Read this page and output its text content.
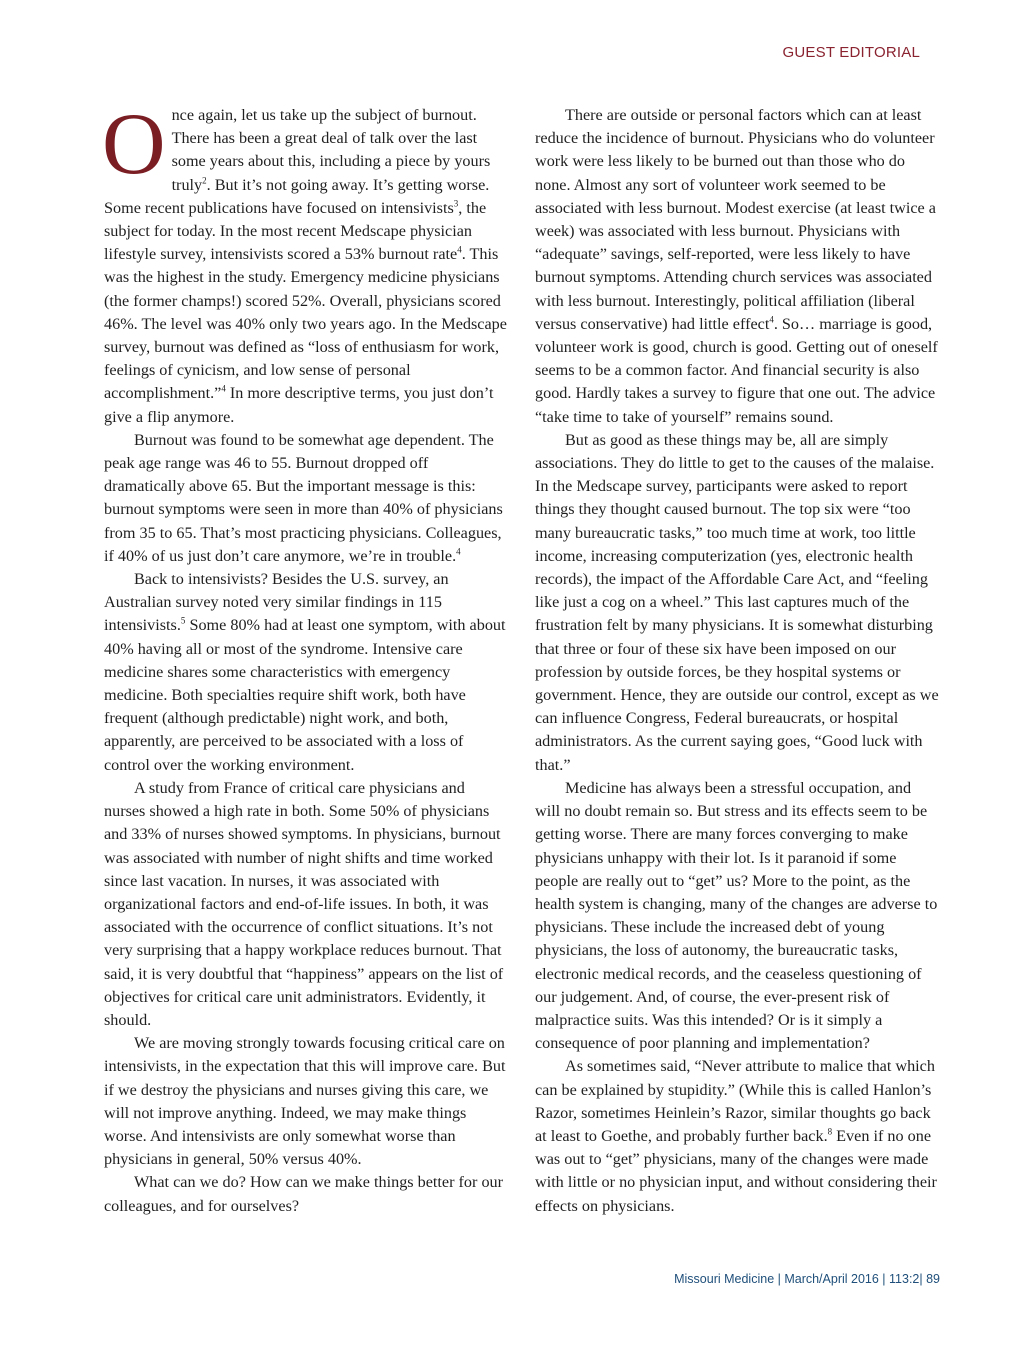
GUEST EDITORIAL

Once again, let us take up the subject of burnout. There has been a great deal of talk over the last some years about this, including a piece by yours truly$^2$. But it’s not going away. It’s getting worse. Some recent publications have focused on intensivists$^3$, the subject for today. In the most recent Medscape physician lifestyle survey, intensivists scored a 53% burnout rate$^4$. This was the highest in the study. Emergency medicine physicians (the former champs!) scored 52%. Overall, physicians scored 46%. The level was 40% only two years ago. In the Medscape survey, burnout was defined as “loss of enthusiasm for work, feelings of cynicism, and low sense of personal accomplishment.”$^4$ In more descriptive terms, you just don’t give a flip anymore.

Burnout was found to be somewhat age dependent. The peak age range was 46 to 55. Burnout dropped off dramatically above 65. But the important message is this: burnout symptoms were seen in more than 40% of physicians from 35 to 65. That’s most practicing physicians. Colleagues, if 40% of us just don’t care anymore, we’re in trouble.$^4$

Back to intensivists? Besides the U.S. survey, an Australian survey noted very similar findings in 115 intensivists.$^5$ Some 80% had at least one symptom, with about 40% having all or most of the syndrome. Intensive care medicine shares some characteristics with emergency medicine. Both specialties require shift work, both have frequent (although predictable) night work, and both, apparently, are perceived to be associated with a loss of control over the working environment.

A study from France of critical care physicians and nurses showed a high rate in both. Some 50% of physicians and 33% of nurses showed symptoms. In physicians, burnout was associated with number of night shifts and time worked since last vacation. In nurses, it was associated with organizational factors and end-of-life issues. In both, it was associated with the occurrence of conflict situations. It’s not very surprising that a happy workplace reduces burnout. That said, it is very doubtful that “happiness” appears on the list of objectives for critical care unit administrators. Evidently, it should.

We are moving strongly towards focusing critical care on intensivists, in the expectation that this will improve care. But if we destroy the physicians and nurses giving this care, we will not improve anything. Indeed, we may make things worse. And intensivists are only somewhat worse than physicians in general, 50% versus 40%.

What can we do? How can we make things better for our colleagues, and for ourselves?

There are outside or personal factors which can at least reduce the incidence of burnout. Physicians who do volunteer work were less likely to be burned out than those who do none. Almost any sort of volunteer work seemed to be associated with less burnout. Modest exercise (at least twice a week) was associated with less burnout. Physicians with “adequate” savings, self-reported, were less likely to have burnout symptoms. Attending church services was associated with less burnout. Interestingly, political affiliation (liberal versus conservative) had little effect$^4$. So… marriage is good, volunteer work is good, church is good. Getting out of oneself seems to be a common factor. And financial security is also good. Hardly takes a survey to figure that one out. The advice “take time to take of yourself” remains sound.

But as good as these things may be, all are simply associations. They do little to get to the causes of the malaise. In the Medscape survey, participants were asked to report things they thought caused burnout. The top six were “too many bureaucratic tasks,” too much time at work, too little income, increasing computerization (yes, electronic health records), the impact of the Affordable Care Act, and “feeling like just a cog on a wheel.” This last captures much of the frustration felt by many physicians. It is somewhat disturbing that three or four of these six have been imposed on our profession by outside forces, be they hospital systems or government. Hence, they are outside our control, except as we can influence Congress, Federal bureaucrats, or hospital administrators. As the current saying goes, “Good luck with that.”

Medicine has always been a stressful occupation, and will no doubt remain so. But stress and its effects seem to be getting worse. There are many forces converging to make physicians unhappy with their lot. Is it paranoid if some people are really out to “get” us? More to the point, as the health system is changing, many of the changes are adverse to physicians. These include the increased debt of young physicians, the loss of autonomy, the bureaucratic tasks, electronic medical records, and the ceaseless questioning of our judgement. And, of course, the ever-present risk of malpractice suits. Was this intended? Or is it simply a consequence of poor planning and implementation?

As sometimes said, “Never attribute to malice that which can be explained by stupidity.” (While this is called Hanlon’s Razor, sometimes Heinlein’s Razor, similar thoughts go back at least to Goethe, and probably further back.$^8$ Even if no one was out to “get” physicians, many of the changes were made with little or no physician input, and without considering their effects on physicians.

Missouri Medicine | March/April 2016 | 113:2| 89
